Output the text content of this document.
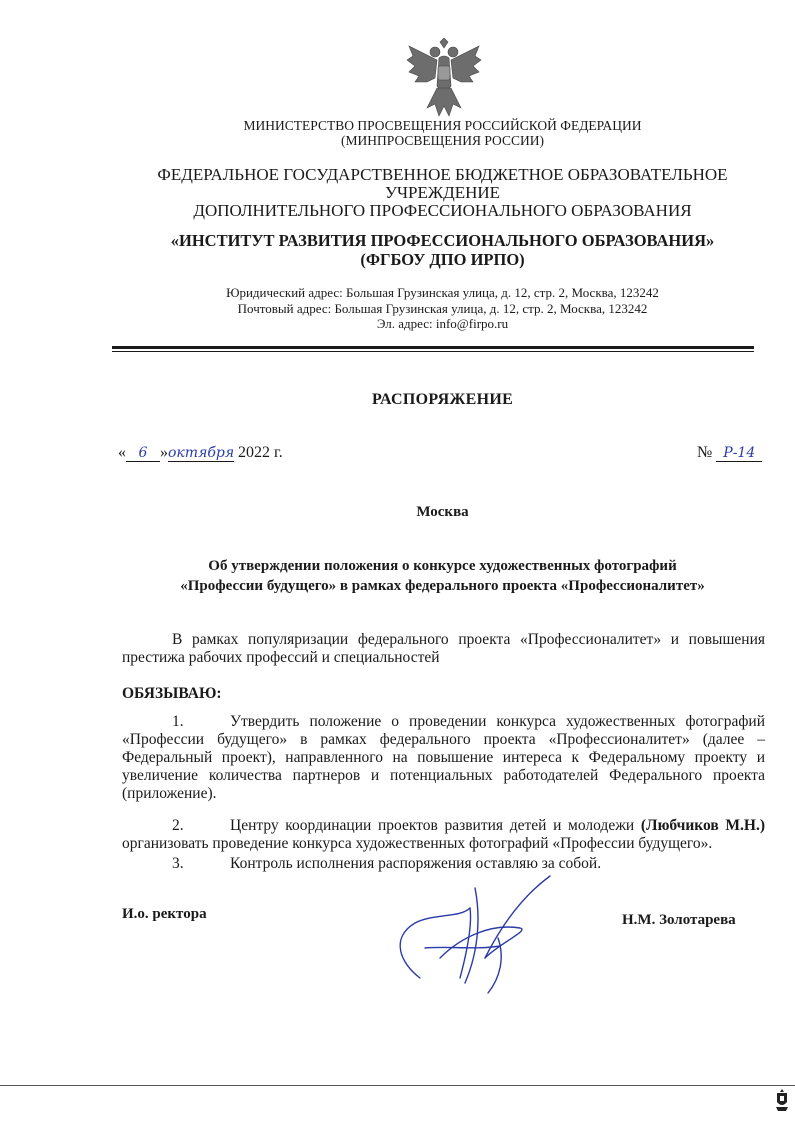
МИНИСТЕРСТВО ПРОСВЕЩЕНИЯ РОССИЙСКОЙ ФЕДЕРАЦИИ
(МИНПРОСВЕЩЕНИЯ РОССИИ)
ФЕДЕРАЛЬНОЕ ГОСУДАРСТВЕННОЕ БЮДЖЕТНОЕ ОБРАЗОВАТЕЛЬНОЕ
УЧРЕЖДЕНИЕ
ДОПОЛНИТЕЛЬНОГО ПРОФЕССИОНАЛЬНОГО ОБРАЗОВАНИЯ
«ИНСТИТУТ РАЗВИТИЯ ПРОФЕССИОНАЛЬНОГО ОБРАЗОВАНИЯ»
(ФГБОУ ДПО ИРПО)
Юридический адрес: Большая Грузинская улица, д. 12, стр. 2, Москва, 123242
Почтовый адрес: Большая Грузинская улица, д. 12, стр. 2, Москва, 123242
Эл. адрес: info@firpo.ru
РАСПОРЯЖЕНИЕ
« 6 »октября 2022 г.	№ Р-14
Москва
Об утверждении положения о конкурсе художественных фотографий
«Профессии будущего» в рамках федерального проекта «Профессионалитет»
В рамках популяризации федерального проекта «Профессионалитет» и повышения престижа рабочих профессий и специальностей
ОБЯЗЫВАЮ:
1.	Утвердить положение о проведении конкурса художественных фотографий «Профессии будущего» в рамках федерального проекта «Профессионалитет» (далее – Федеральный проект), направленного на повышение интереса к Федеральному проекту и увеличение количества партнеров и потенциальных работодателей Федерального проекта (приложение).
2.	Центру координации проектов развития детей и молодежи (Любчиков М.Н.) организовать проведение конкурса художественных фотографий «Профессии будущего».
3.	Контроль исполнения распоряжения оставляю за собой.
И.о. ректора	Н.М. Золотарева
